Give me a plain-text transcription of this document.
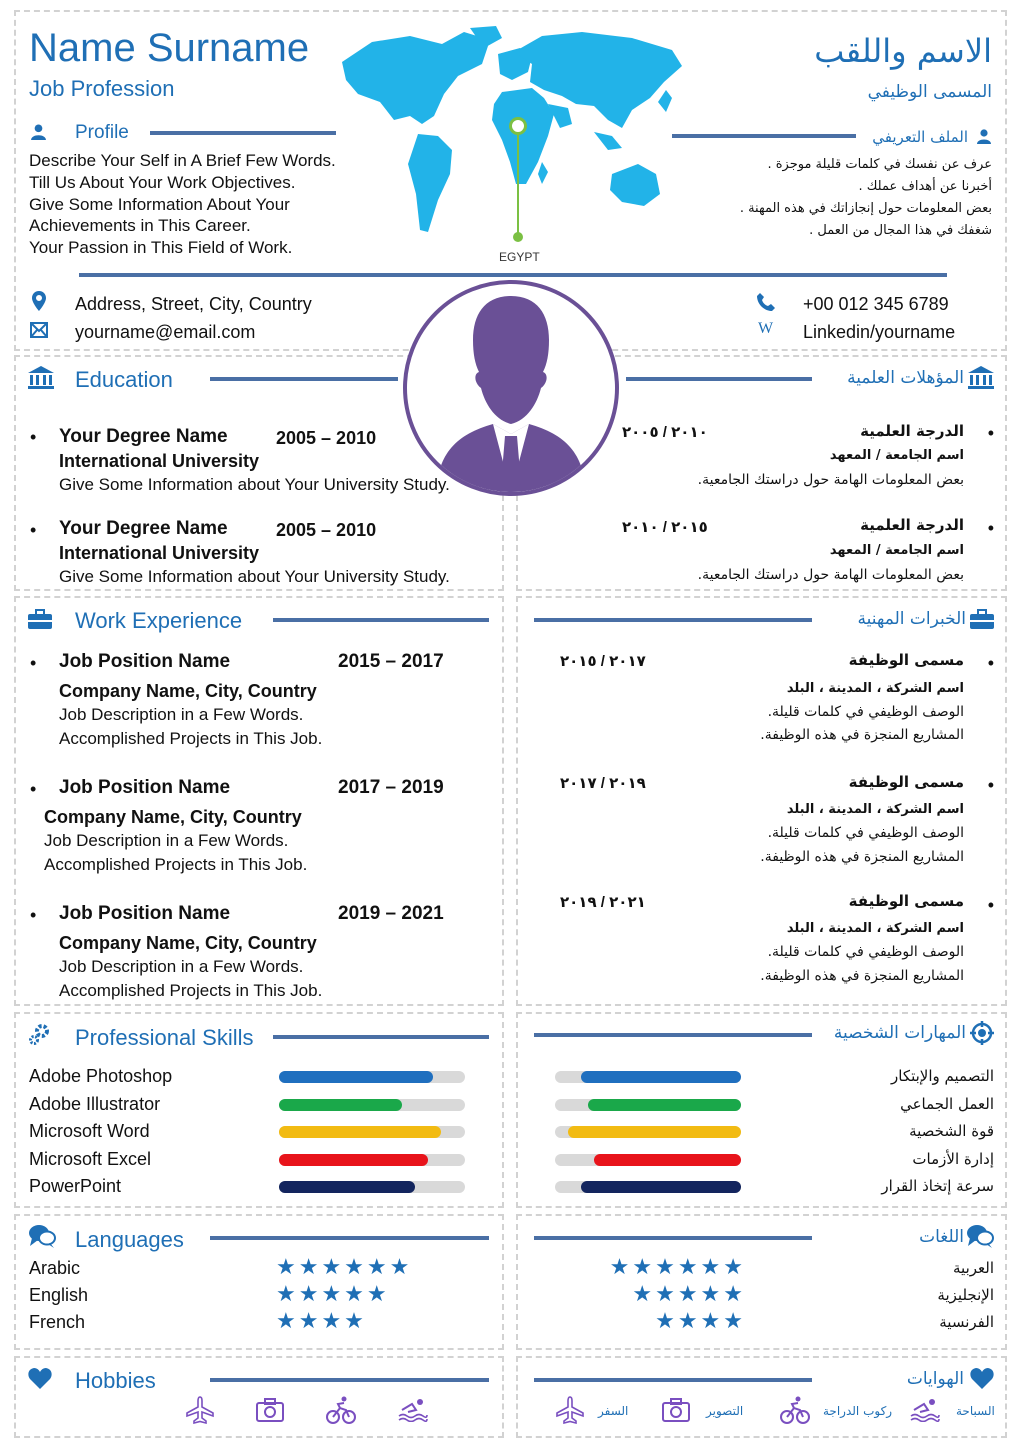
Name Surname
Job Profession
الاسم واللقب
المسمى الوظيفي
EGYPT
Profile
Describe Your Self in A Brief Few Words.
Till Us About Your Work Objectives.
Give Some Information About Your
Achievements in This Career.
Your Passion in This Field of Work.
الملف التعريفي
عرف عن نفسك في كلمات قليلة موجزة .
أخبرنا عن أهداف عملك .
بعض المعلومات حول إنجازاتك في هذه المهنة .
شغفك في هذا المجال من العمل .
Address, Street, City, Country
yourname@email.com
+00 012 345 6789
W Linkedin/yourname
Education	المؤهلات العلمية
• Your Degree Name	2005 – 2010
International University
Give Some Information about Your University Study.
• Your Degree Name	2005 – 2010
International University
Give Some Information about Your University Study.
٢٠١٠ / ٢٠٠٥	الدرجة العلمية •
اسم الجامعة / المعهد
بعض المعلومات الهامة حول دراستك الجامعية.
٢٠١٥ / ٢٠١٠	الدرجة العلمية •
اسم الجامعة / المعهد
بعض المعلومات الهامة حول دراستك الجامعية.
Work Experience	الخبرات المهنية
• Job Position Name	2015 – 2017
Company Name, City, Country
Job Description in a Few Words.
Accomplished Projects in This Job.
• Job Position Name	2017 – 2019
Company Name, City, Country
Job Description in a Few Words.
Accomplished Projects in This Job.
• Job Position Name	2019 – 2021
Company Name, City, Country
Job Description in a Few Words.
Accomplished Projects in This Job.
٢٠١٧ / ٢٠١٥	مسمى الوظيفة •
اسم الشركة ، المدينة ، البلد
الوصف الوظيفي في كلمات قليلة.
المشاريع المنجزة في هذه الوظيفة.
٢٠١٩ / ٢٠١٧	مسمى الوظيفة •
اسم الشركة ، المدينة ، البلد
الوصف الوظيفي في كلمات قليلة.
المشاريع المنجزة في هذه الوظيفة.
٢٠٢١ / ٢٠١٩	مسمى الوظيفة •
اسم الشركة ، المدينة ، البلد
الوصف الوظيفي في كلمات قليلة.
المشاريع المنجزة في هذه الوظيفة.
Professional Skills	المهارات الشخصية
Adobe Photoshop
Adobe Illustrator
Microsoft Word
Microsoft Excel
PowerPoint
التصميم والإبتكار
العمل الجماعي
قوة الشخصية
إدارة الأزمات
سرعة إتخاذ القرار
Languages	اللغات
Arabic	★★★★★★
English	★★★★★
French	★★★★
العربية
★★★★★★
الإنجليزية
★★★★★
الفرنسية
★★★★
Hobbies	الهوايات
السفر	التصوير	ركوب الدراجة	السباحة
